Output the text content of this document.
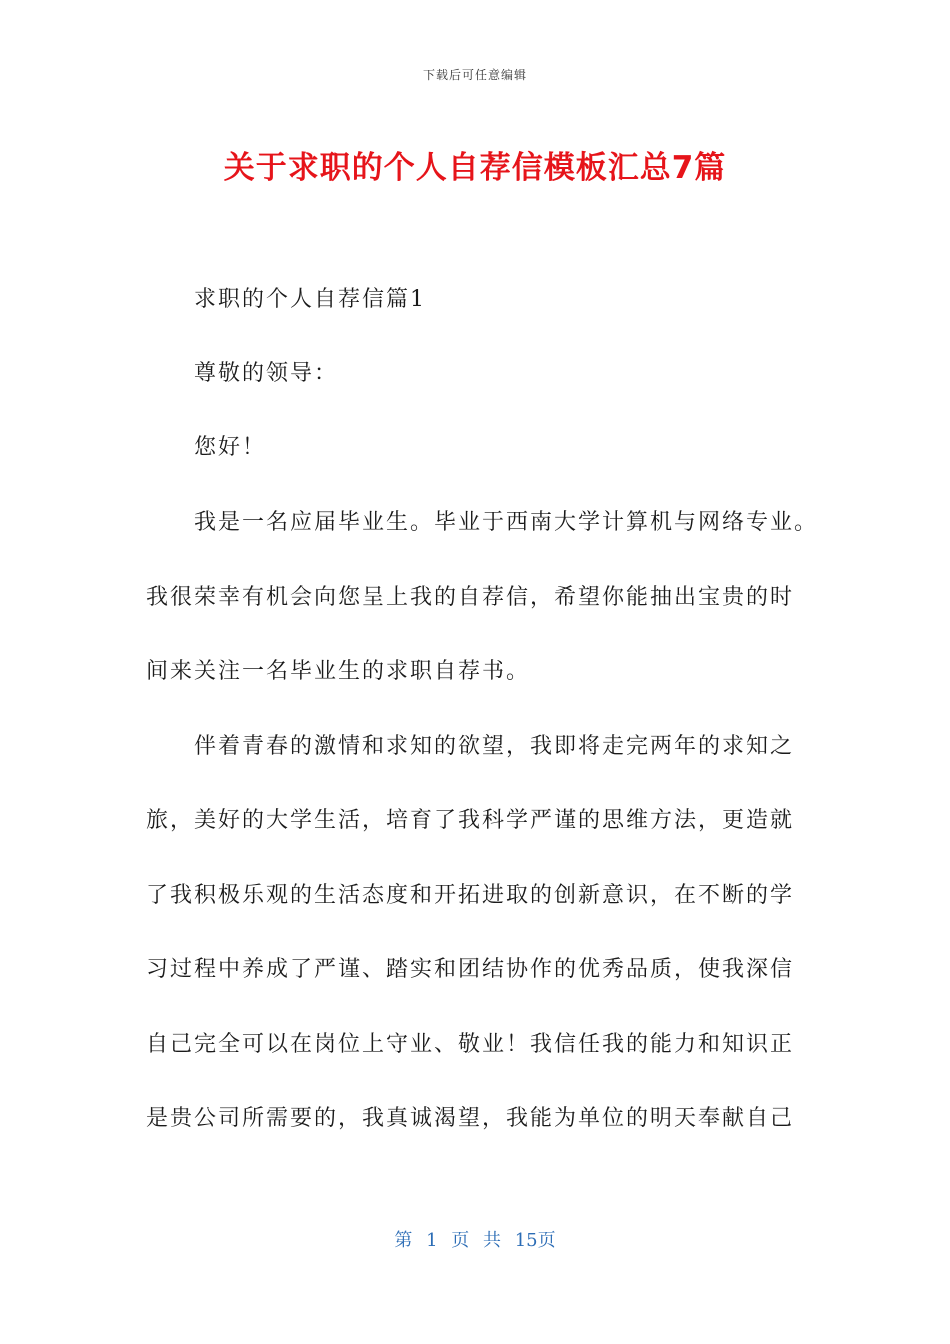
下载后可任意编辑
关于求职的个人自荐信模板汇总7篇
求职的个人自荐信篇1
尊敬的领导：
您好！
我是一名应届毕业生。毕业于西南大学计算机与网络专业。
我很荣幸有机会向您呈上我的自荐信，希望你能抽出宝贵的时
间来关注一名毕业生的求职自荐书。
伴着青春的激情和求知的欲望，我即将走完两年的求知之
旅，美好的大学生活，培育了我科学严谨的思维方法，更造就
了我积极乐观的生活态度和开拓进取的创新意识，在不断的学
习过程中养成了严谨、踏实和团结协作的优秀品质，使我深信
自己完全可以在岗位上守业、敬业！我信任我的能力和知识正
是贵公司所需要的，我真诚渴望，我能为单位的明天奉献自己
第 1 页 共 15页
